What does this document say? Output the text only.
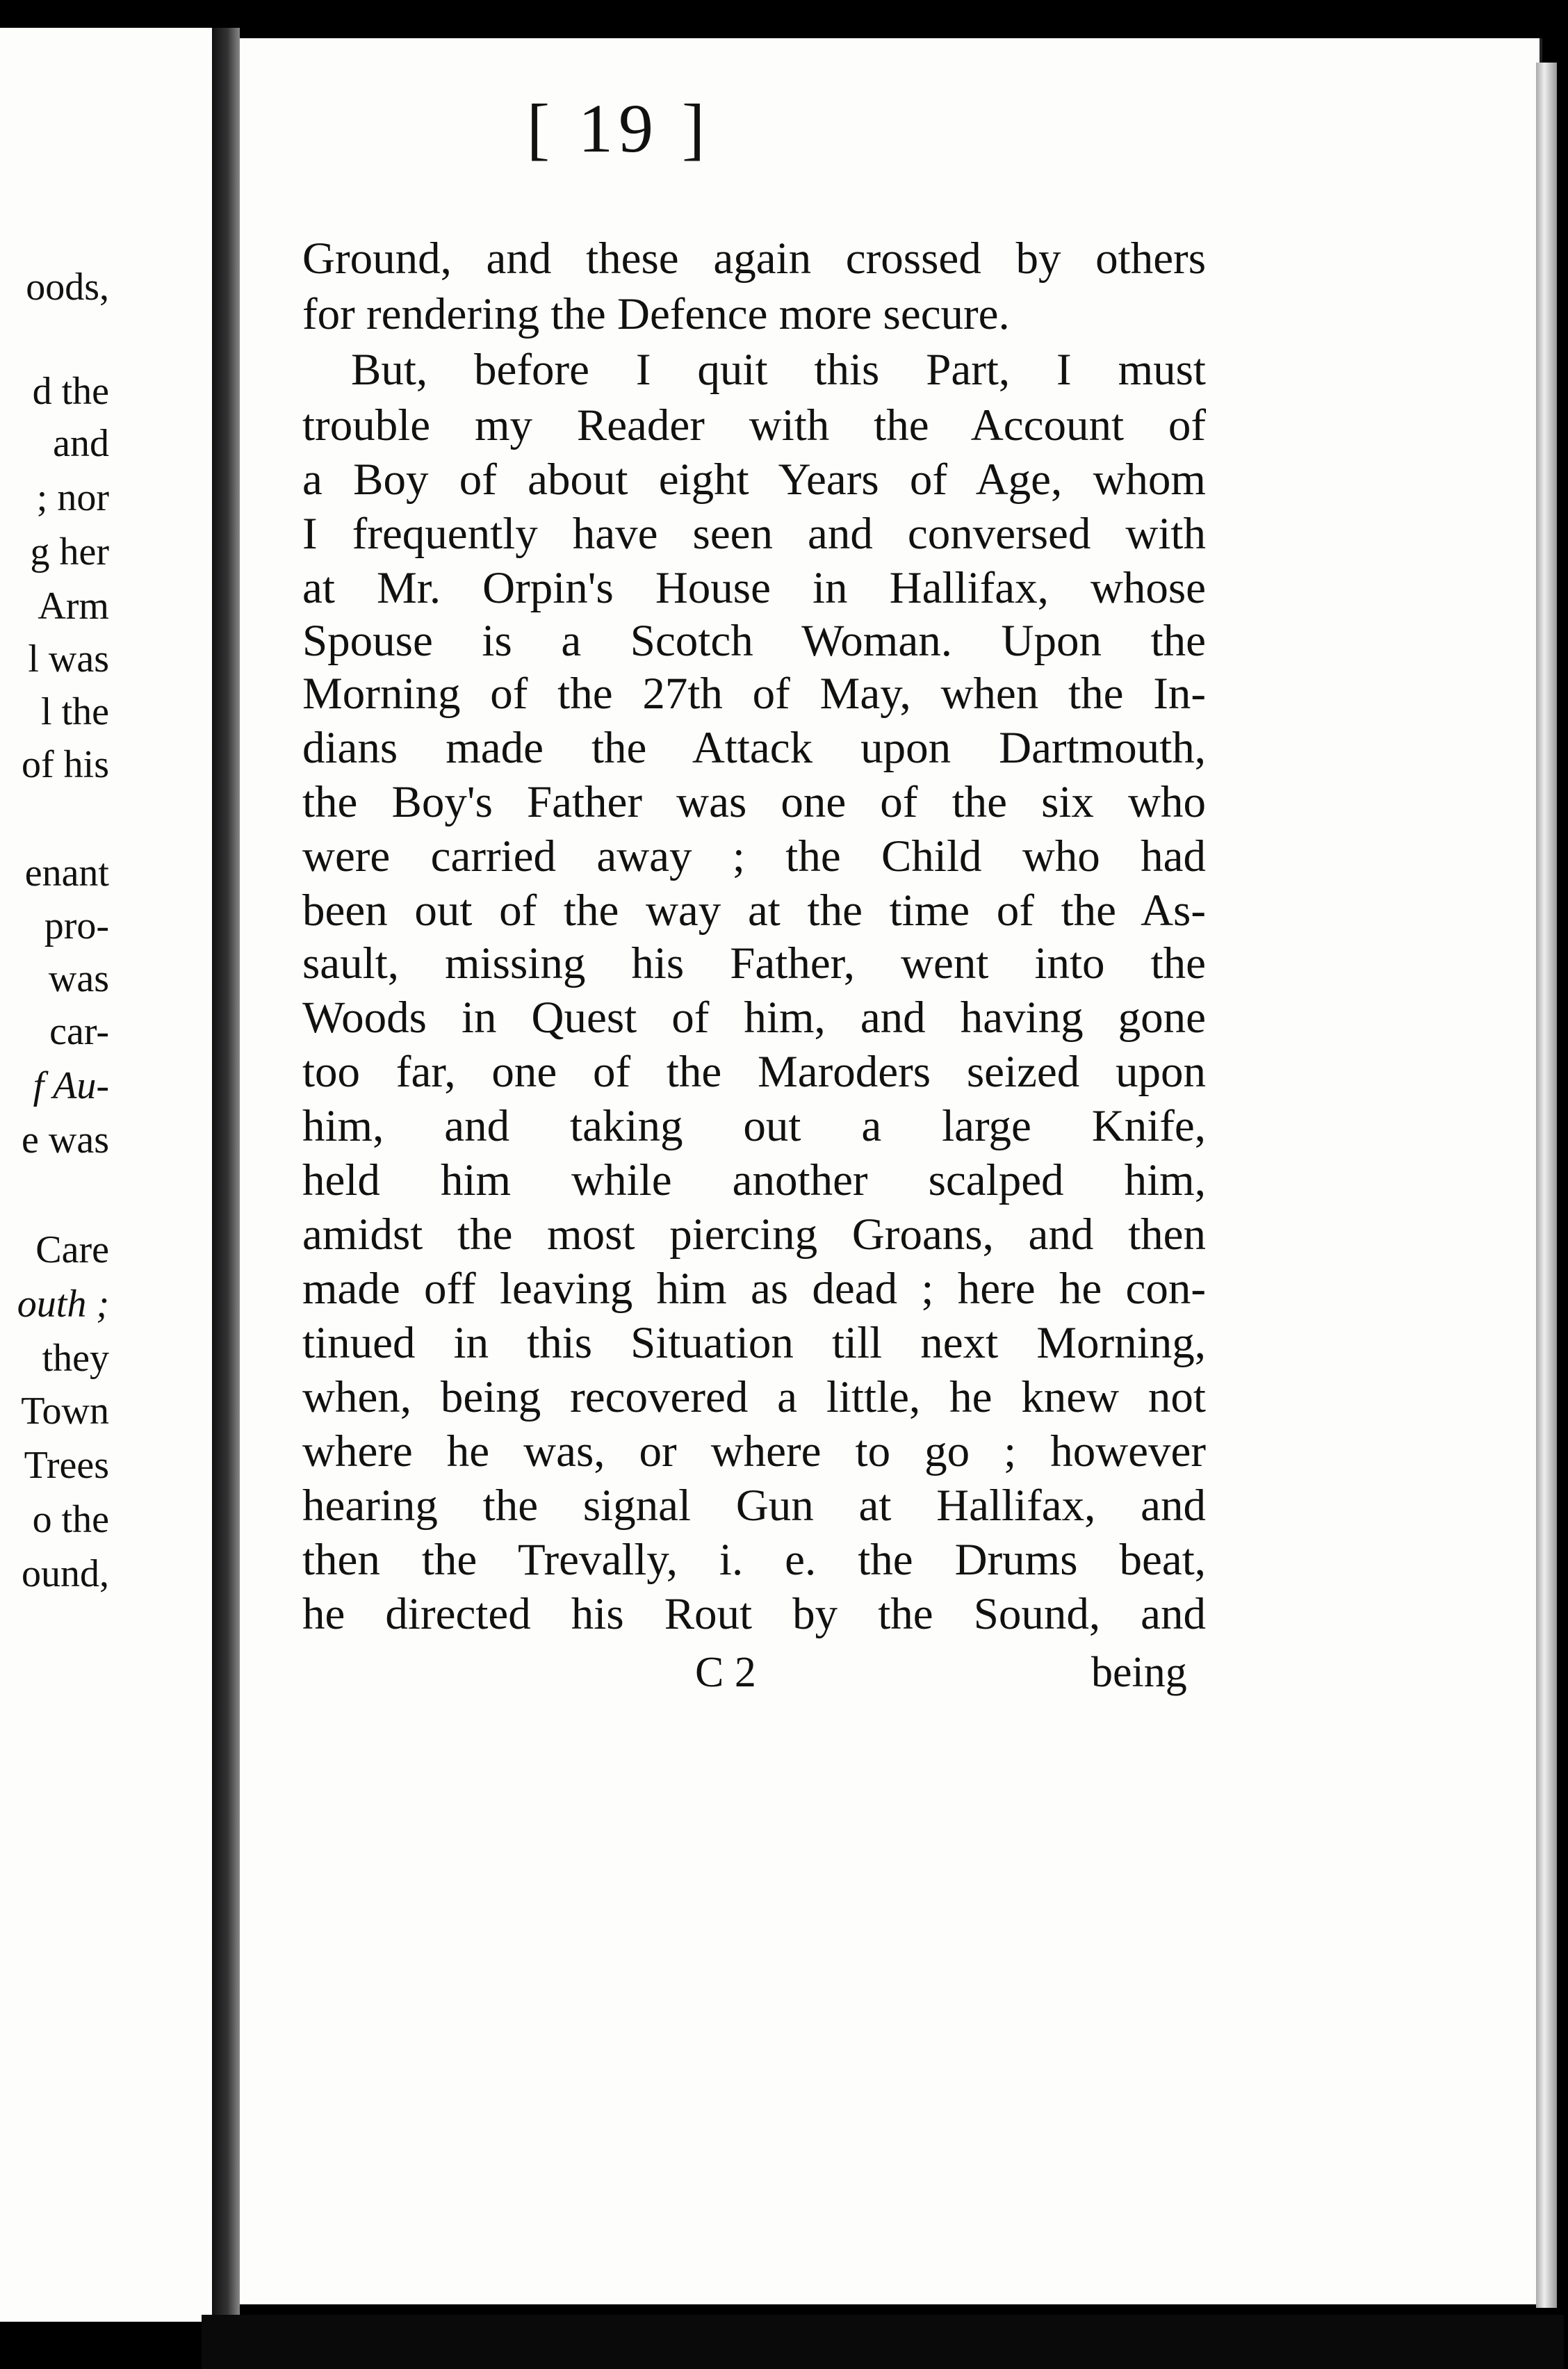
oods,
d the
and
; nor
g her
Arm
l was
l the
of his
enant
pro-
was
car-
f Au-
e was
Care
outh ;
they
Town
Trees
o the
ound,
[ 19 ]
Ground, and these again crossed by others
for rendering the Defence more secure.
But, before I quit this Part, I must
trouble my Reader with the Account of
a Boy of about eight Years of Age, whom
I frequently have seen and conversed with
at Mr. Orpin's House in Hallifax, whose
Spouse is a Scotch Woman. Upon the
Morning of the 27th of May, when the In-
dians made the Attack upon Dartmouth,
the Boy's Father was one of the six who
were carried away ; the Child who had
been out of the way at the time of the As-
sault, missing his Father, went into the
Woods in Quest of him, and having gone
too far, one of the Maroders seized upon
him, and taking out a large Knife,
held him while another scalped him,
amidst the most piercing Groans, and then
made off leaving him as dead ; here he con-
tinued in this Situation till next Morning,
when, being recovered a little, he knew not
where he was, or where to go ; however
hearing the signal Gun at Hallifax, and
then the Trevally, i. e. the Drums beat,
he directed his Rout by the Sound, and
C 2	being
